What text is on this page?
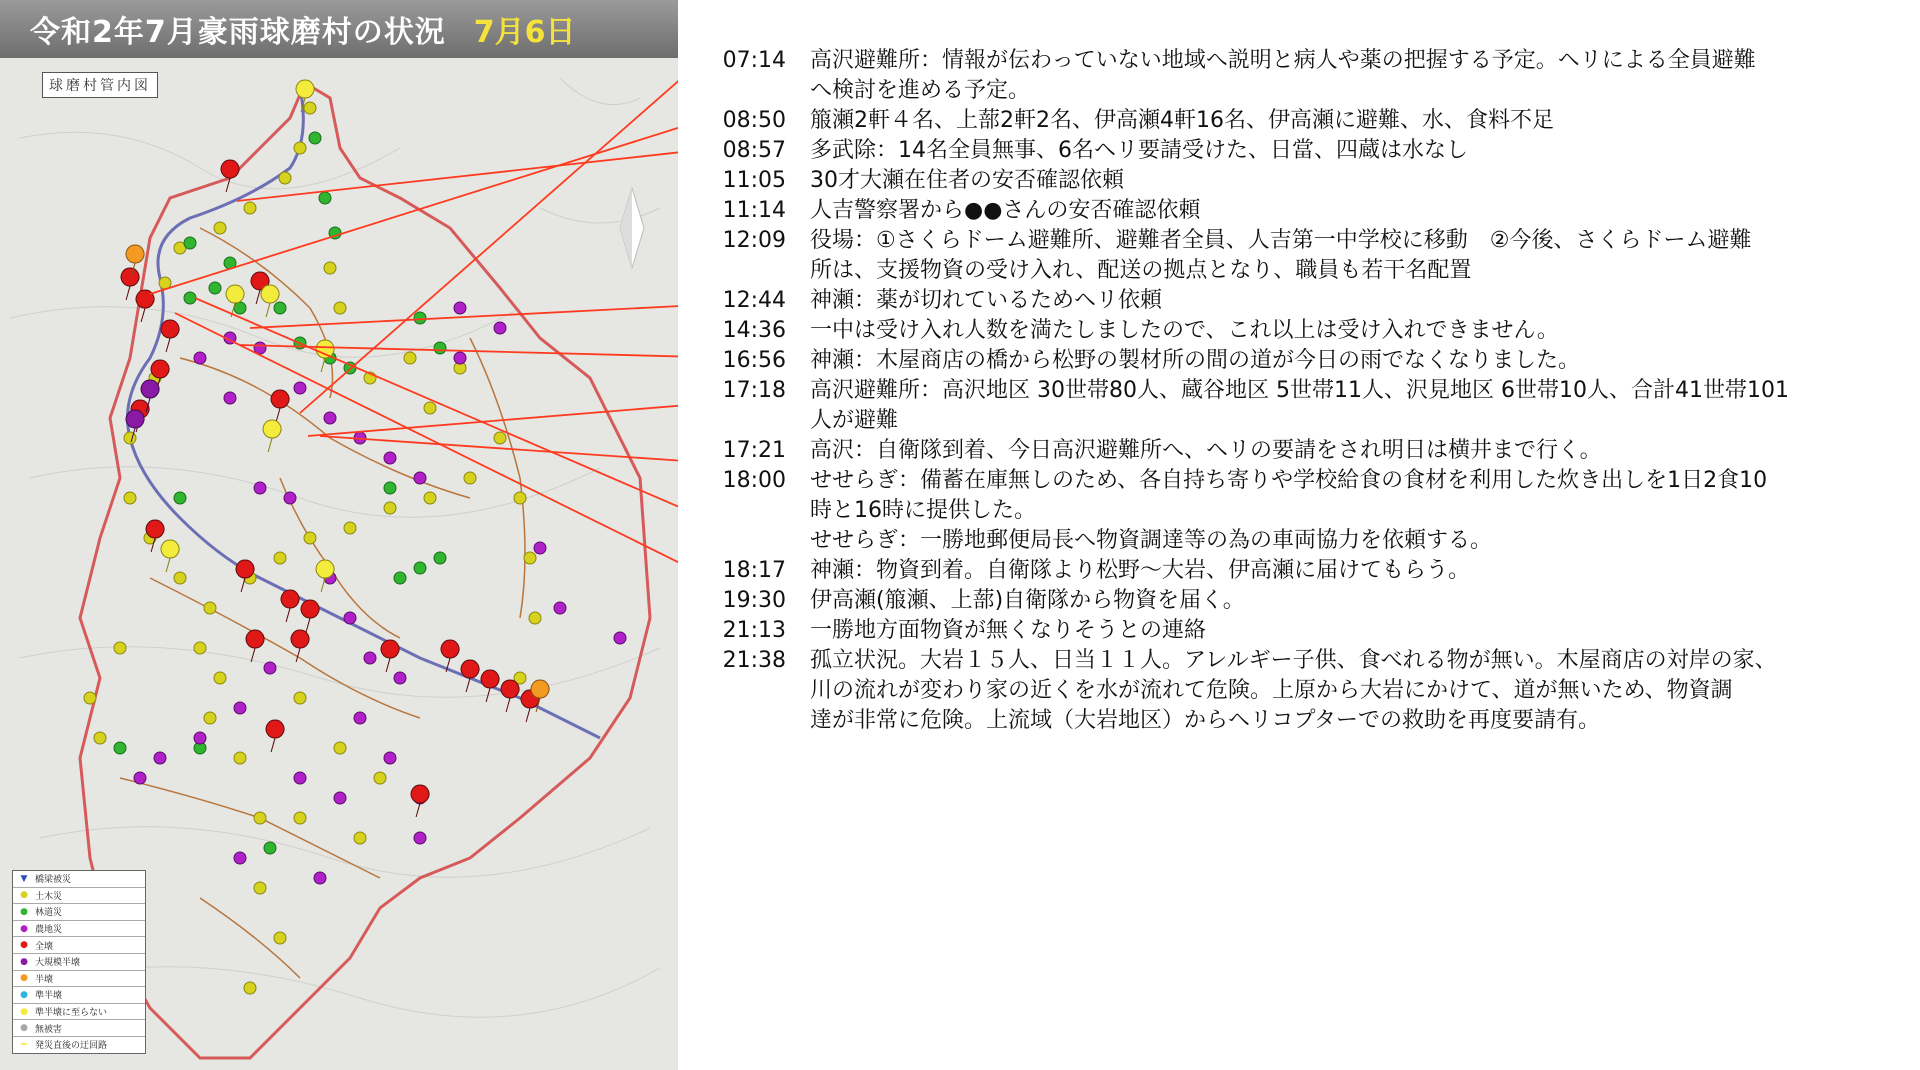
令和2年7月豪雨球磨村の状況 7月6日
球磨村管内図
▼ 橋梁被災
● 土木災
● 林道災
● 農地災
● 全壊
● 大規模半壊
● 半壊
● 準半壊
● 準半壊に至らない
● 無被害
━ 発災直後の迂回路
07:14	高沢避難所：情報が伝わっていない地域へ説明と病人や薬の把握する予定。ヘリによる全員避難
へ検討を進める予定。
08:50	箙瀬2軒４名、上蔀2軒2名、伊高瀬4軒16名、伊高瀬に避難、水、食料不足
08:57	多武除：14名全員無事、6名ヘリ要請受けた、日當、四蔵は水なし
11:05	30才大瀬在住者の安否確認依頼
11:14	人吉警察署から●●さんの安否確認依頼
12:09	役場：①さくらドーム避難所、避難者全員、人吉第一中学校に移動　②今後、さくらドーム避難
所は、支援物資の受け入れ、配送の拠点となり、職員も若干名配置
12:44	神瀬：薬が切れているためヘリ依頼
14:36	一中は受け入れ人数を満たしましたので、これ以上は受け入れできません。
16:56	神瀬：木屋商店の橋から松野の製材所の間の道が今日の雨でなくなりました。
17:18	高沢避難所：高沢地区 30世帯80人、蔵谷地区 5世帯11人、沢見地区 6世帯10人、合計41世帯101
人が避難
17:21	高沢：自衛隊到着、今日高沢避難所へ、ヘリの要請をされ明日は横井まで行く。
18:00	せせらぎ：備蓄在庫無しのため、各自持ち寄りや学校給食の食材を利用した炊き出しを1日2食10
時と16時に提供した。
せせらぎ：一勝地郵便局長へ物資調達等の為の車両協力を依頼する。
18:17	神瀬：物資到着。自衛隊より松野～大岩、伊高瀬に届けてもらう。
19:30	伊高瀬(箙瀬、上蔀)自衛隊から物資を届く。
21:13	一勝地方面物資が無くなりそうとの連絡
21:38	孤立状況。大岩１５人、日当１１人。アレルギー子供、食べれる物が無い。木屋商店の対岸の家、
川の流れが変わり家の近くを水が流れて危険。上原から大岩にかけて、道が無いため、物資調
達が非常に危険。上流域（大岩地区）からヘリコプターでの救助を再度要請有。
